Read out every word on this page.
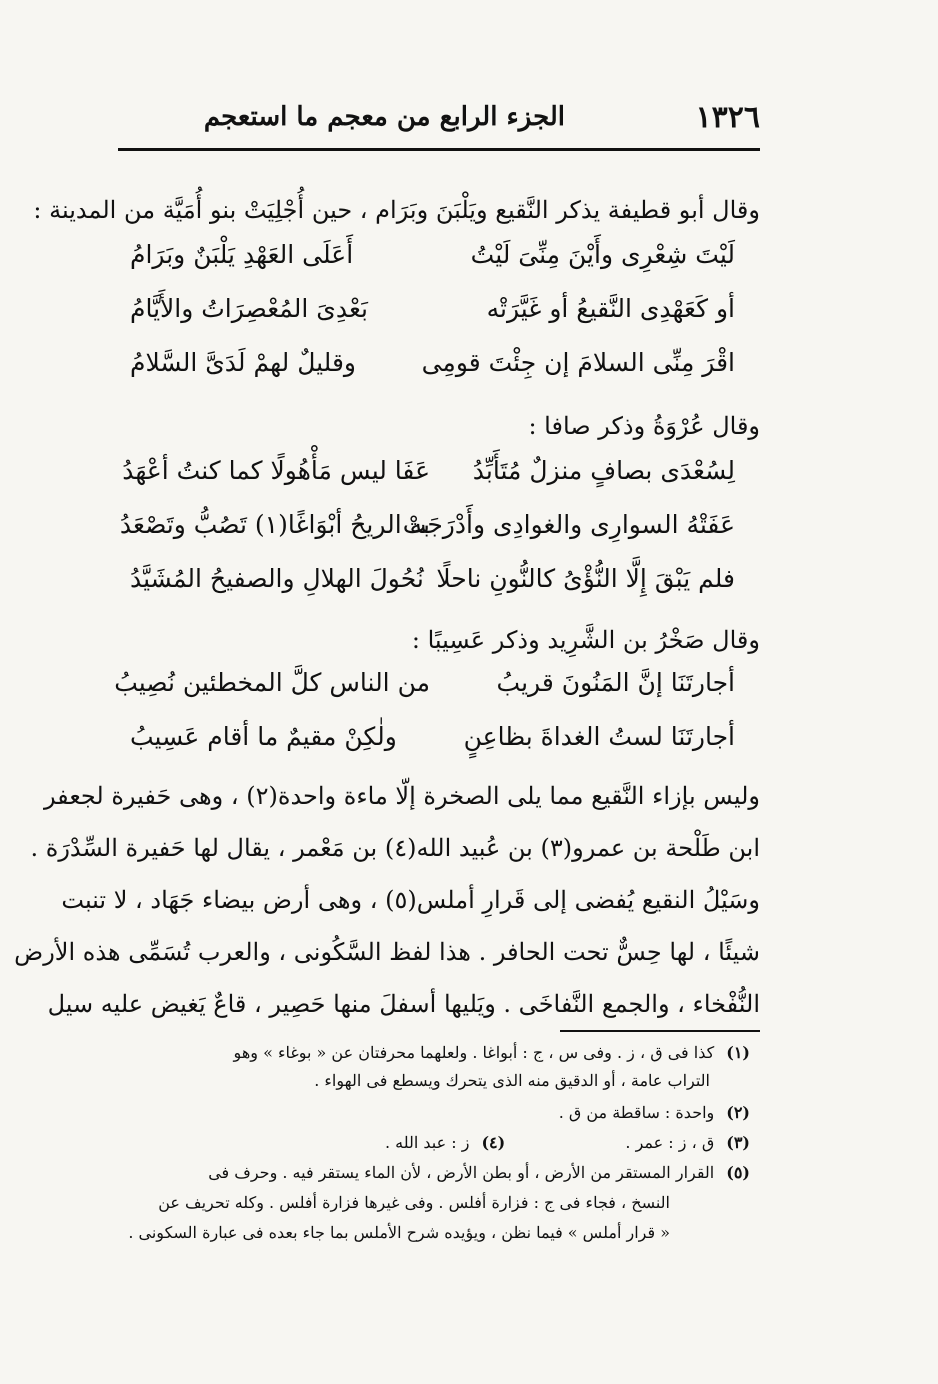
١٣٢٦
الجزء الرابع من معجم ما استعجم
وقال أبو قطيفة يذكر النَّقيع ويَلْبَنَ وبَرَام ، حين أُجْلِيَتْ بنو أُمَيَّة من المدينة :
لَيْتَ شِعْرِى وأَيْنَ مِنِّىَ لَيْتُ
أَعَلَى العَهْدِ يَلْبَنٌ وبَرَامُ
أو كَعَهْدِى النَّقيعُ أو غَيَّرَتْه
بَعْدِىَ المُعْصِرَاتُ والأَيَّامُ
اقْرَ مِنِّى السلامَ إن جِئْتَ قومِى
وقليلٌ لهمْ لَدَىَّ السَّلامُ
وقال عُرْوَةُ وذكر صافا :
لِسُعْدَى بصافٍ منزلٌ مُتَأَبِّدُ
عَفَا ليس مَأْهُولًا كما كنتُ أعْهَدُ
عَفَتْهُ السوارِى والغوادِى وأَدْرَجَتْ
به الريحُ أبْوَاغًا(١) تَصُبُّ وتَصْعَدُ
فلم يَبْقَ إِلَّا النُّؤْىُ كالنُّونِ ناحلًا
نُحُولَ الهلالِ والصفيحُ المُشَيَّدُ
وقال صَخْرُ بن الشَّرِيد وذكر عَسِيبًا :
أجارتَنَا إنَّ المَنُونَ قريبُ
من الناس كلَّ المخطئين نُصِيبُ
أجارتَنَا لستُ الغداةَ بظاعِنٍ
ولٰكِنْ مقيمٌ ما أقام عَسِيبُ
وليس بإزاء النَّقيع مما يلى الصخرة إلّا ماءة واحدة(٢) ، وهى حَفيرة لجعفر
ابن طَلْحة بن عمرو(٣) بن عُبيد الله(٤) بن مَعْمر ، يقال لها حَفيرة السِّدْرَة .
وسَيْلُ النقيع يُفضى إلى قَرارِ أملس(٥) ، وهى أرض بيضاء جَهَاد ، لا تنبت
شيئًا ، لها حِسٌّ تحت الحافر . هذا لفظ السَّكُونى ، والعرب تُسَمِّى هذه الأرض
النُّفْخاء ، والجمع النَّفاخَى . ويَليها أسفلَ منها حَصِير ، قاعٌ يَغيض عليه سيل
(١)كذا فى ق ، ز . وفى س ، ج : أبواغا . ولعلهما محرفتان عن « بوغاء » وهو
التراب عامة ، أو الدقيق منه الذى يتحرك ويسطع فى الهواء .
(٢)واحدة : ساقطة من ق .
(٣)ق ، ز : عمر .  (٤)ز : عبد الله .
(٥)القرار المستقر من الأرض ، أو بطن الأرض ، لأن الماء يستقر فيه . وحرف فى
النسخ ، فجاء فى ج : فزارة أفلس . وفى غيرها فزارة أفلس . وكله تحريف عن
« قرار أملس » فيما نظن ، ويؤيده شرح الأملس بما جاء بعده فى عبارة السكونى .
